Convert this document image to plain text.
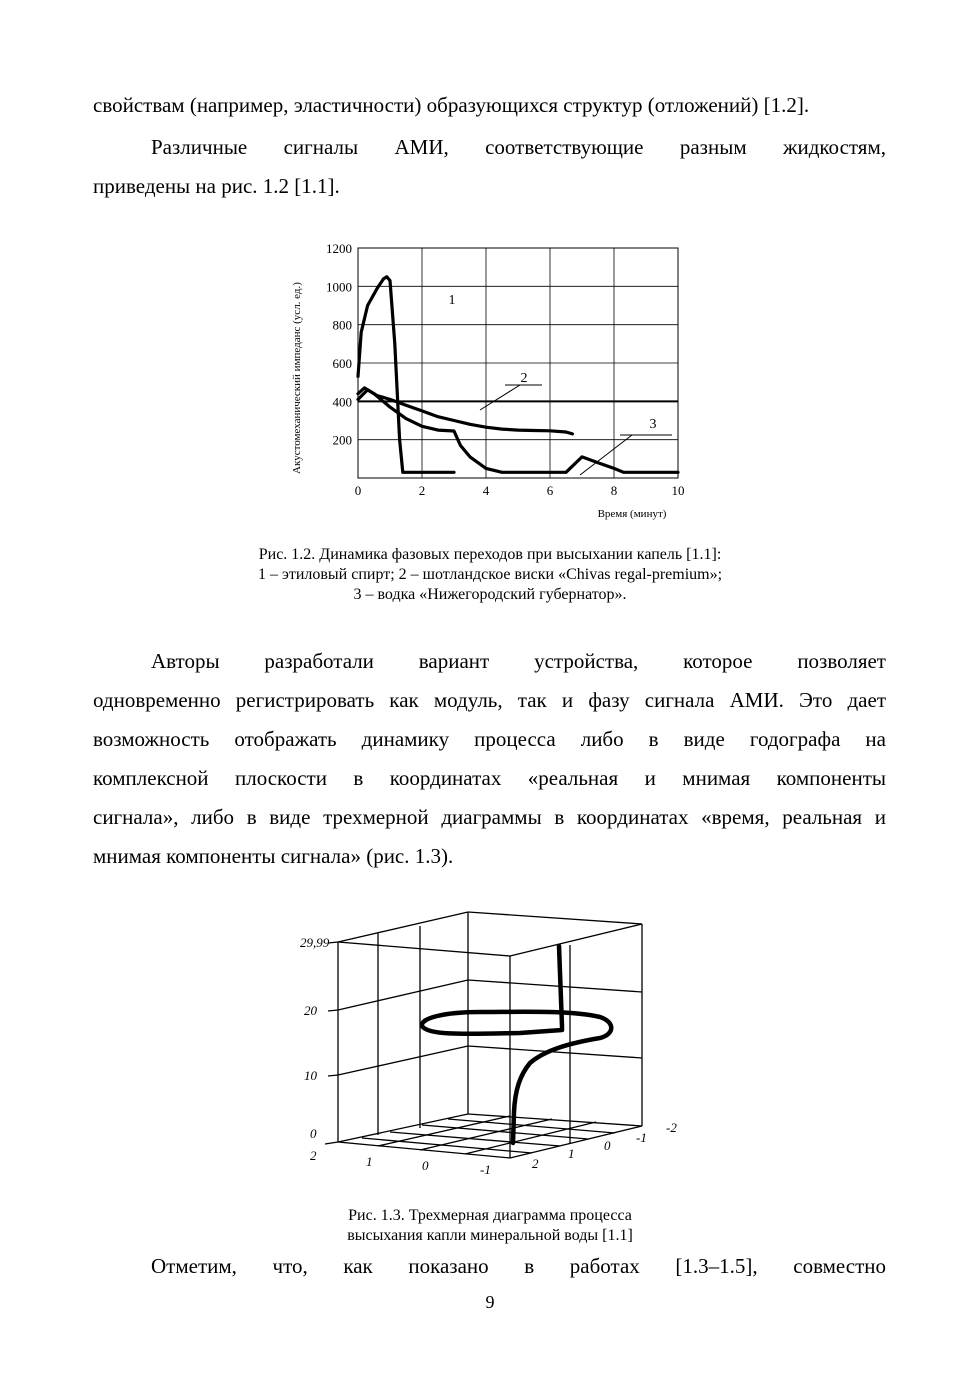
свойствам (например, эластичности) образующихся структур (отложений) [1.2].
Различные сигналы АМИ, соответствующие разным жидкостям,
приведены на рис. 1.2 [1.1].
0	2	4	6	8	10
200
400
600
800
1000
1200
1
2
3
Акустомеханический импеданс (усл. ед.)
Время (минут)
Рис. 1.2. Динамика фазовых переходов при высыхании капель [1.1]:
1 – этиловый спирт; 2 – шотландское виски «Chivas regal-premium»;
3 – водка «Нижегородский губернатор».
Авторы разработали вариант устройства, которое позволяет
одновременно регистрировать как модуль, так и фазу сигнала АМИ. Это дает
возможность отображать динамику процесса либо в виде годографа на
комплексной плоскости в координатах «реальная и мнимая компоненты
сигнала», либо в виде трехмерной диаграммы в координатах «время, реальная и
мнимая компоненты сигнала» (рис. 1.3).
29,99
20
10
0
2	1	0	-1	2
1
0
-1
-2
Рис. 1.3. Трехмерная диаграмма процесса
высыхания капли минеральной воды [1.1]
Отметим, что, как показано в работах [1.3–1.5], совместно
9
